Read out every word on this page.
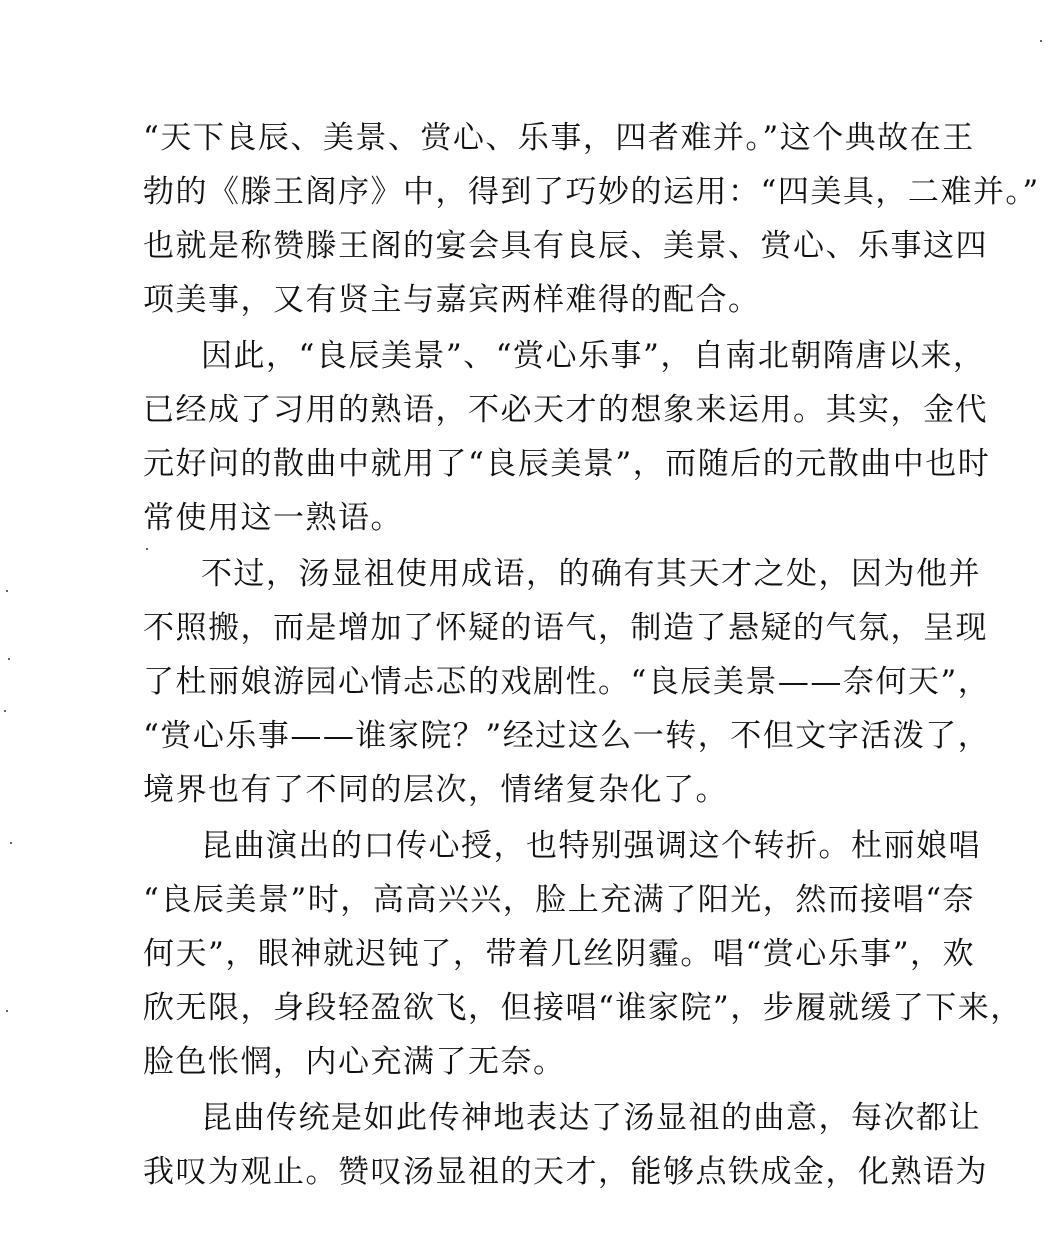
“天下良辰、美景、赏心、乐事，四者难并。”这个典故在王
勃的《滕王阁序》中，得到了巧妙的运用：“四美具，二难并。”
也就是称赞滕王阁的宴会具有良辰、美景、赏心、乐事这四
项美事，又有贤主与嘉宾两样难得的配合。
因此，“良辰美景”、“赏心乐事”，自南北朝隋唐以来，
已经成了习用的熟语，不必天才的想象来运用。其实，金代
元好问的散曲中就用了“良辰美景”，而随后的元散曲中也时
常使用这一熟语。
不过，汤显祖使用成语，的确有其天才之处，因为他并
不照搬，而是增加了怀疑的语气，制造了悬疑的气氛，呈现
了杜丽娘游园心情忐忑的戏剧性。“良辰美景——奈何天”，
“赏心乐事——谁家院？”经过这么一转，不但文字活泼了，
境界也有了不同的层次，情绪复杂化了。
昆曲演出的口传心授，也特别强调这个转折。杜丽娘唱
“良辰美景”时，高高兴兴，脸上充满了阳光，然而接唱“奈
何天”，眼神就迟钝了，带着几丝阴霾。唱“赏心乐事”，欢
欣无限，身段轻盈欲飞，但接唱“谁家院”，步履就缓了下来，
脸色怅惘，内心充满了无奈。
昆曲传统是如此传神地表达了汤显祖的曲意，每次都让
我叹为观止。赞叹汤显祖的天才，能够点铁成金，化熟语为
